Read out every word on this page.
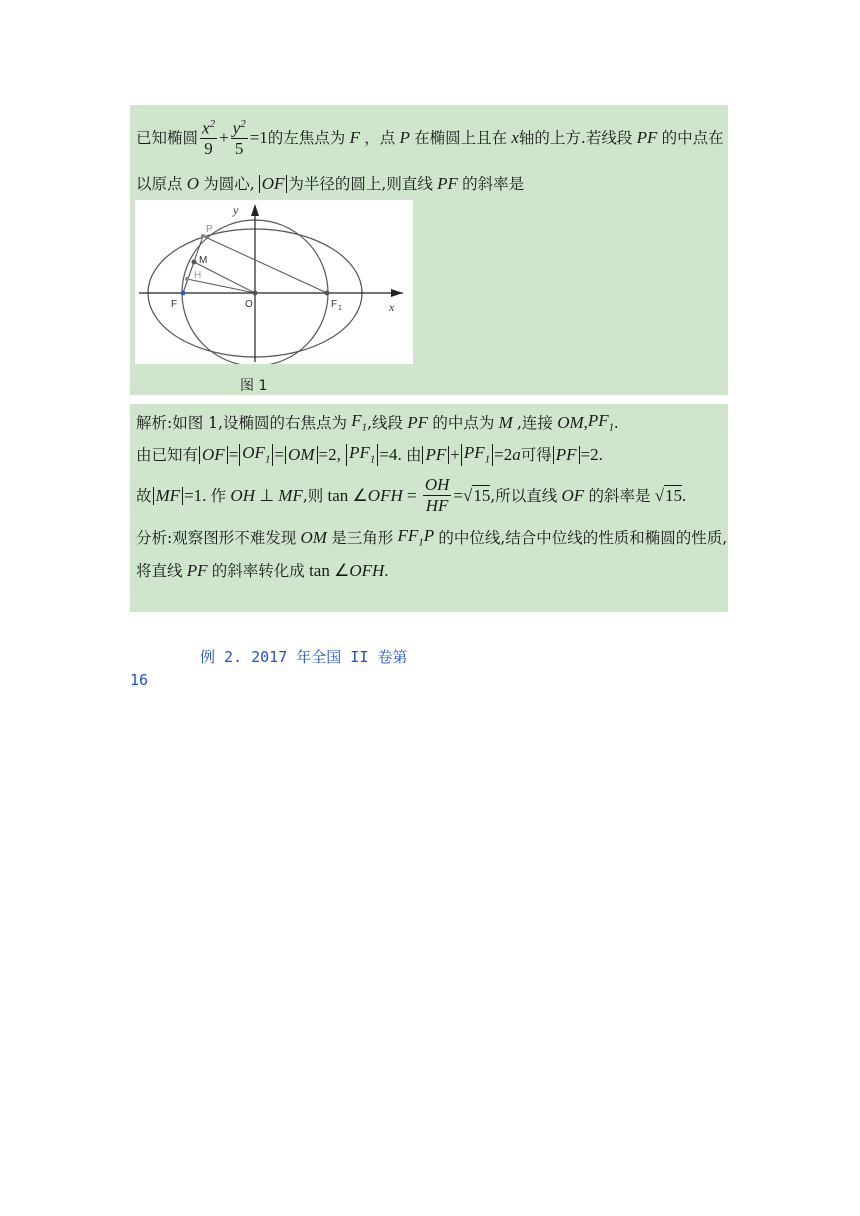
已知椭圆 $\frac{x^2}{9} + \frac{y^2}{5} =1$ 的左焦点为 F ，点 P 在椭圆上且在 x 轴的上方.若线段 PF 的中点在
以原点 O 为圆心, OF 为半径的圆上,则直线 PF 的斜率是
y
x
P
M
H
F	O	F 1
图 1
解析:如图 1,设椭圆的右焦点为 $F_1$ ,线段 PF 的中点为 M ,连接 OM , $PF_1$ .
由已知有 OF = $OF_1$ = OM =2, $PF_1 =4$. 由 PF + $PF_1 =2$ a 可得 PF =2.
故 MF =1. 作 OH ⊥ MF ,则 tan ∠ OFH = $\frac{OH}{HF}$ =√ 15 ,所以直线 OF 的斜率是 √ 15 .
分析:观察图形不难发现 OM 是三角形 $FF_1P$ 的中位线,结合中位线的性质和椭圆的性质,
将直线 PF 的斜率转化成 tan ∠ OFH .
例 2. 2017 年全国 II 卷第
16
